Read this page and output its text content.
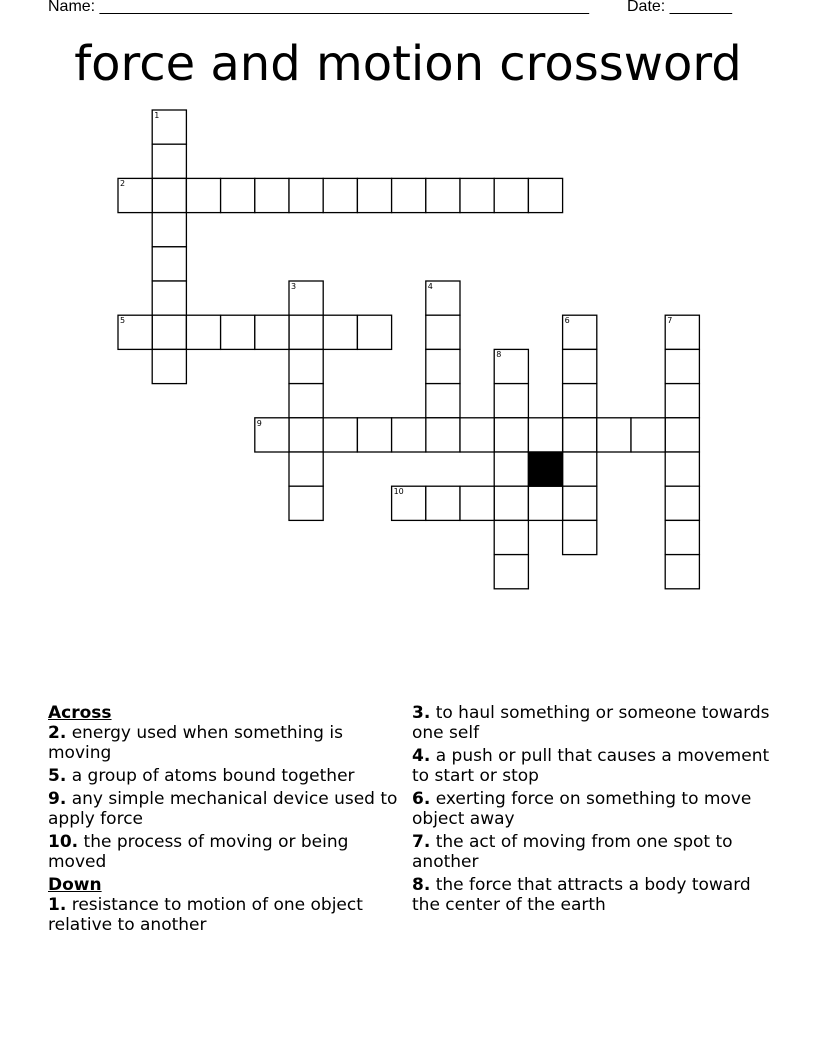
Name: _______________________________________________________ Date: _______
force and motion crossword
1
2
3	4
5	6	7
8
9
10

Across

2. energy used when something is moving

5. a group of atoms bound together

9. any simple mechanical device used to apply force

10. the process of moving or being moved

Down

1. resistance to motion of one object relative to another

3. to haul something or someone towards one self

4. a push or pull that causes a movement to start or stop

6. exerting force on something to move object away

7. the act of moving from one spot to another

8. the force that attracts a body toward the center of the earth
